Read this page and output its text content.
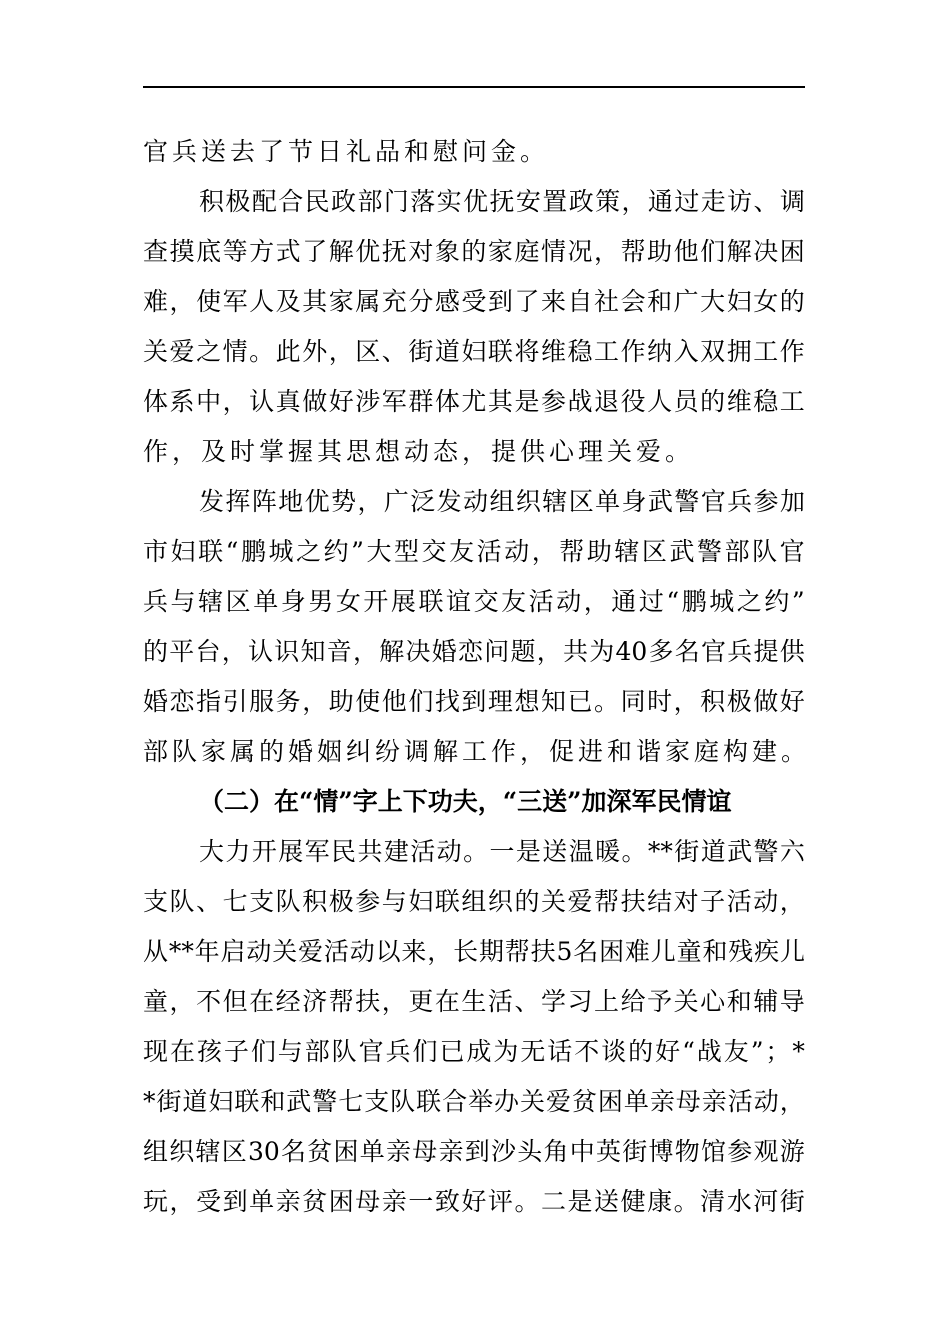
官兵送去了节日礼品和慰问金。
积 极 配 合 民 政 部 门 落 实 优 抚 安 置 政 策 ， 通 过 走 访 、 调
查 摸 底 等 方 式 了 解 优 抚 对 象 的 家 庭 情 况 ， 帮 助 他 们 解 决 困
难 ， 使 军 人 及 其 家 属 充 分 感 受 到 了 来 自 社 会 和 广 大 妇 女 的
关 爱 之 情 。 此 外 ， 区 、 街 道 妇 联 将 维 稳 工 作 纳 入 双 拥 工 作
体 系 中 ， 认 真 做 好 涉 军 群 体 尤 其 是 参 战 退 役 人 员 的 维 稳 工
作，及时掌握其思想动态，提供心理关爱。
发 挥 阵 地 优 势 ， 广 泛 发 动 组 织 辖 区 单 身 武 警 官 兵 参 加
市 妇 联 “ 鹏 城 之 约 ” 大 型 交 友 活 动 ， 帮 助 辖 区 武 警 部 队 官
兵 与 辖 区 单 身 男 女 开 展 联 谊 交 友 活 动 ， 通 过 “ 鹏 城 之 约 ”
的 平 台 ， 认 识 知 音 ， 解 决 婚 恋 问 题 ， 共 为 40 多 名 官 兵 提 供
婚 恋 指 引 服 务 ， 助 使 他 们 找 到 理 想 知 已 。 同 时 ， 积 极 做 好
部队家属的婚姻纠纷调解工作，促进和谐家庭构建。
（二）在“情”字上下功夫，“三送”加深军民情谊
大 力 开 展 军 民 共 建 活 动 。 一 是 送 温 暖 。 ** 街 道 武 警 六
支 队 、 七 支 队 积 极 参 与 妇 联 组 织 的 关 爱 帮 扶 结 对 子 活 动 ，
从 ** 年 启 动 关 爱 活 动 以 来 ， 长 期 帮 扶 5 名 困 难 儿 童 和 残 疾 儿
童 ， 不 但 在 经 济 帮 扶 ， 更 在 生 活 、 学 习 上 给 予 关 心 和 辅 导
现 在 孩 子 们 与 部 队 官 兵 们 已 成 为 无 话 不 谈 的 好 “ 战 友 ” ； *
* 街 道 妇 联 和 武 警 七 支 队 联 合 举 办 关 爱 贫 困 单 亲 母 亲 活 动 ，
组 织 辖 区 30 名 贫 困 单 亲 母 亲 到 沙 头 角 中 英 街 博 物 馆 参 观 游
玩 ， 受 到 单 亲 贫 困 母 亲 一 致 好 评 。 二 是 送 健 康 。 清 水 河 街
